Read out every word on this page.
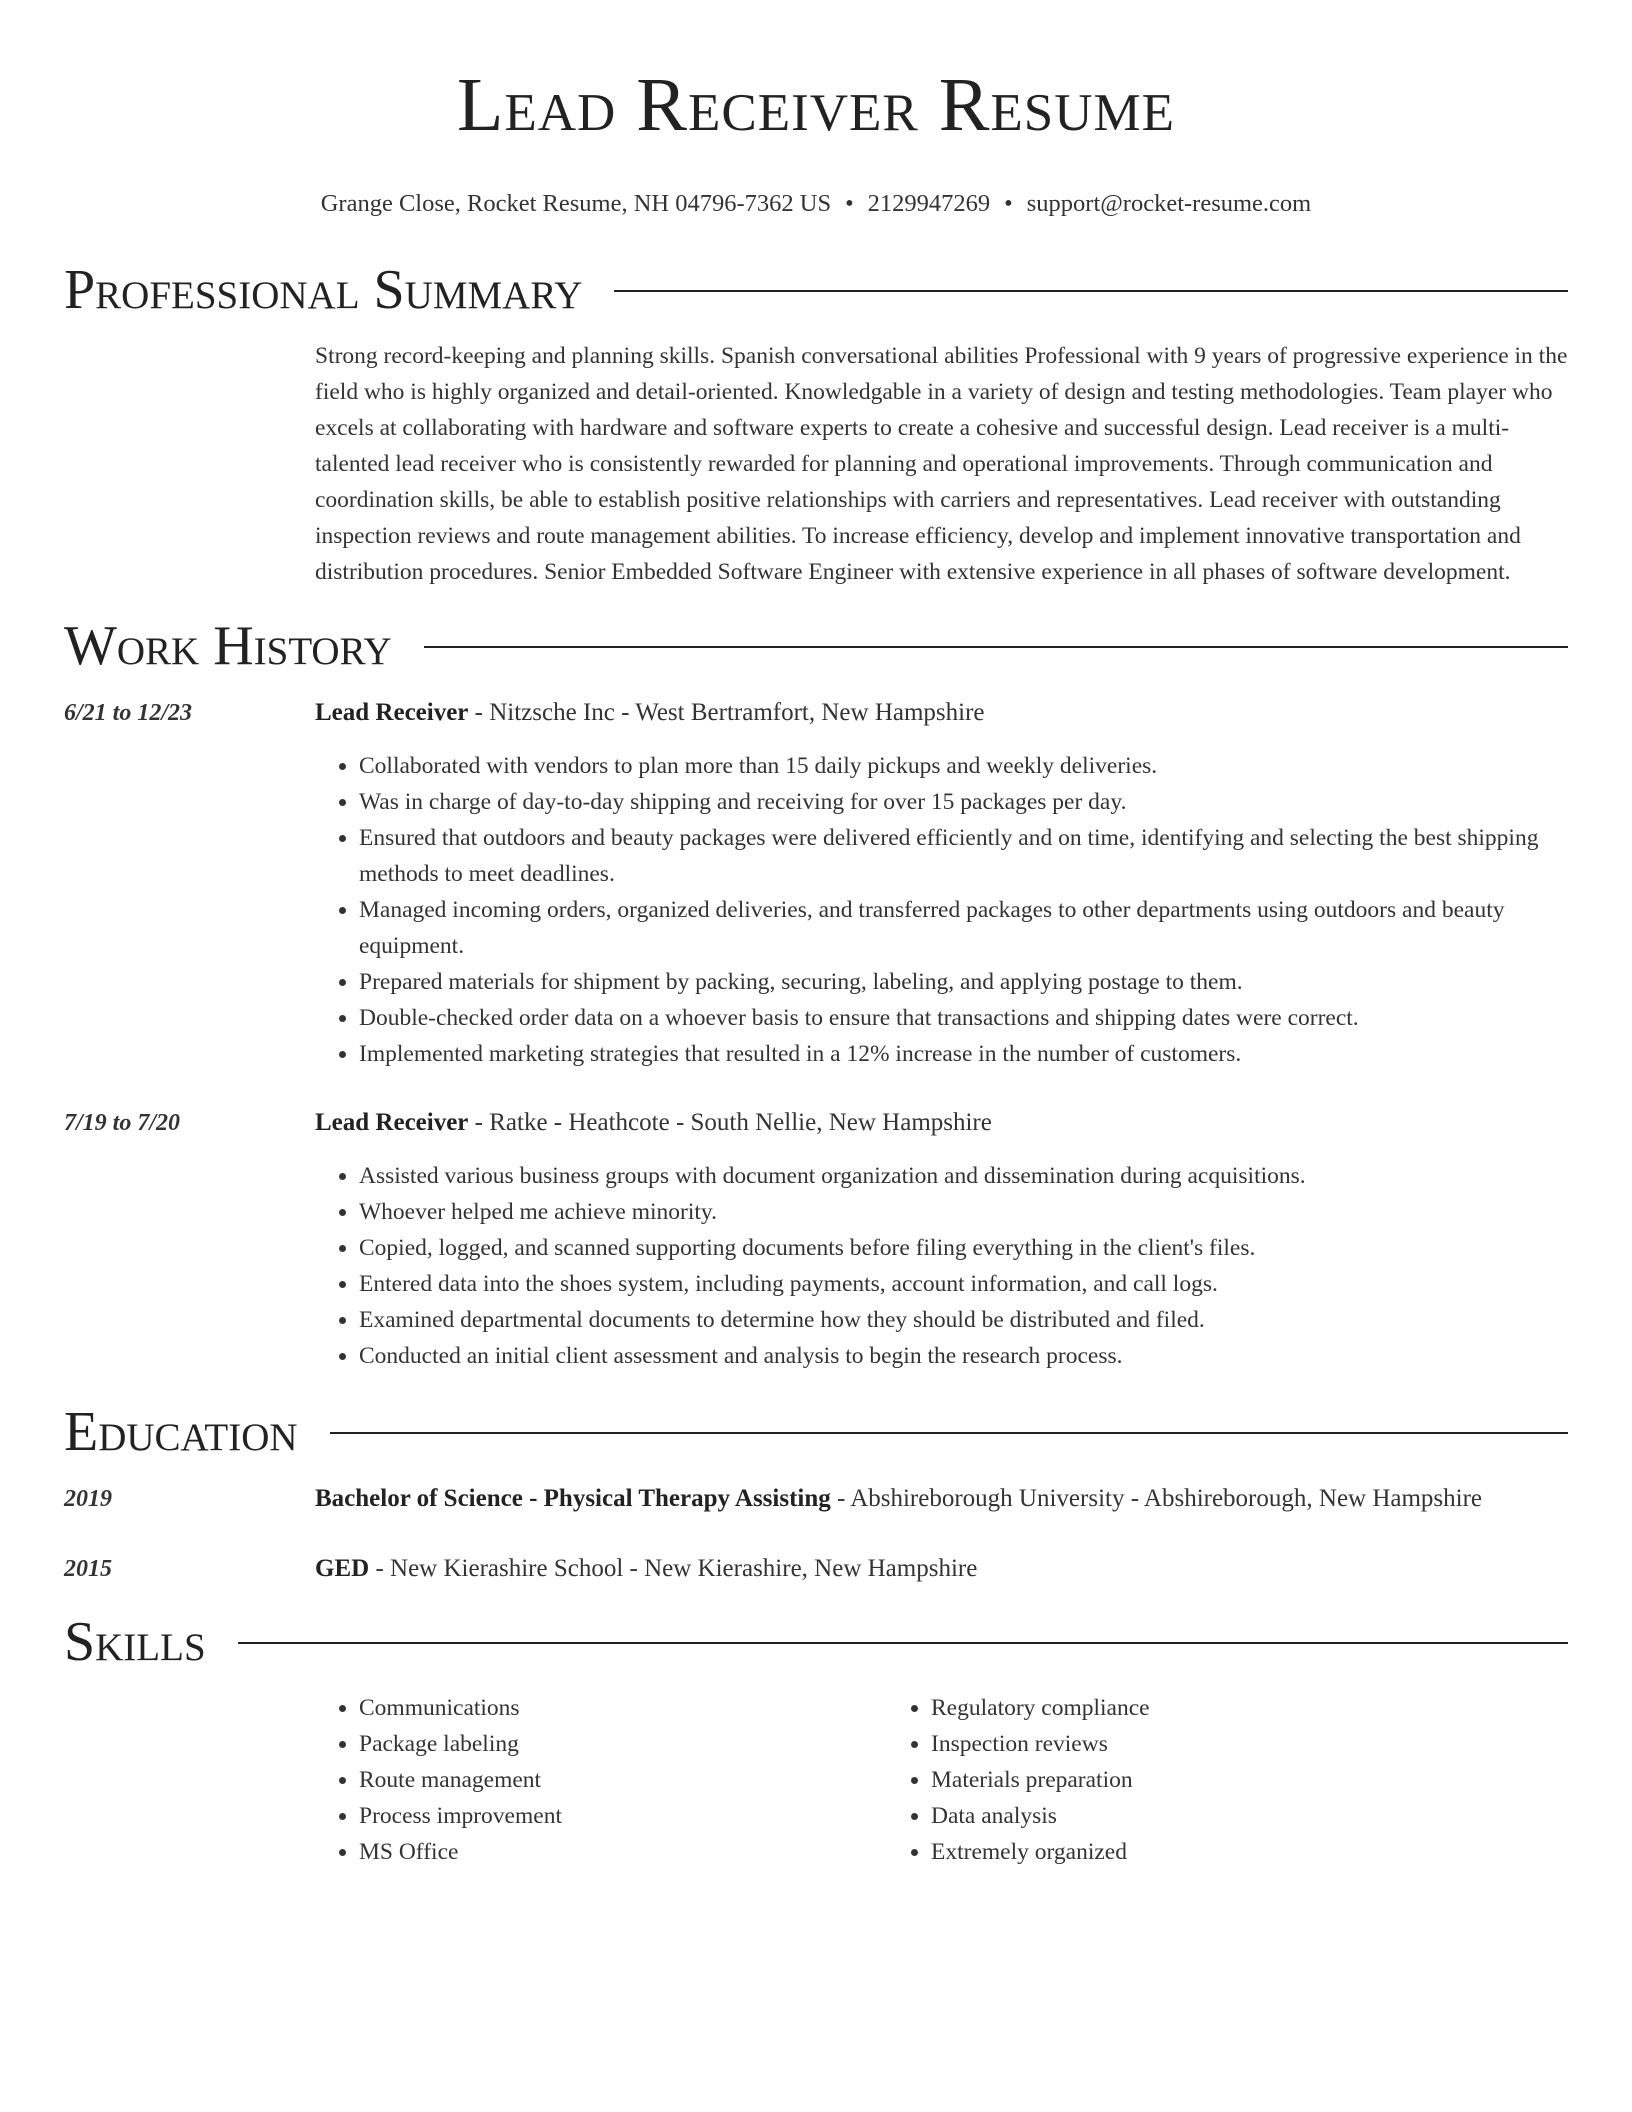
Lead Receiver Resume
Grange Close, Rocket Resume, NH 04796-7362 US • 2129947269 • support@rocket-resume.com
Professional Summary
Strong record-keeping and planning skills. Spanish conversational abilities Professional with 9 years of progressive experience in the field who is highly organized and detail-oriented. Knowledgable in a variety of design and testing methodologies. Team player who excels at collaborating with hardware and software experts to create a cohesive and successful design. Lead receiver is a multi-talented lead receiver who is consistently rewarded for planning and operational improvements. Through communication and coordination skills, be able to establish positive relationships with carriers and representatives. Lead receiver with outstanding inspection reviews and route management abilities. To increase efficiency, develop and implement innovative transportation and distribution procedures. Senior Embedded Software Engineer with extensive experience in all phases of software development.
Work History
6/21 to 12/23	Lead Receiver - Nitzsche Inc - West Bertramfort, New Hampshire
• Collaborated with vendors to plan more than 15 daily pickups and weekly deliveries.
• Was in charge of day-to-day shipping and receiving for over 15 packages per day.
• Ensured that outdoors and beauty packages were delivered efficiently and on time, identifying and selecting the best shipping methods to meet deadlines.
• Managed incoming orders, organized deliveries, and transferred packages to other departments using outdoors and beauty equipment.
• Prepared materials for shipment by packing, securing, labeling, and applying postage to them.
• Double-checked order data on a whoever basis to ensure that transactions and shipping dates were correct.
• Implemented marketing strategies that resulted in a 12% increase in the number of customers.
7/19 to 7/20	Lead Receiver - Ratke - Heathcote - South Nellie, New Hampshire
• Assisted various business groups with document organization and dissemination during acquisitions.
• Whoever helped me achieve minority.
• Copied, logged, and scanned supporting documents before filing everything in the client's files.
• Entered data into the shoes system, including payments, account information, and call logs.
• Examined departmental documents to determine how they should be distributed and filed.
• Conducted an initial client assessment and analysis to begin the research process.
Education
2019	Bachelor of Science - Physical Therapy Assisting - Abshireborough University - Abshireborough, New Hampshire
2015	GED - New Kierashire School - New Kierashire, New Hampshire
Skills
• Communications
• Package labeling
• Route management
• Process improvement
• MS Office
• Regulatory compliance
• Inspection reviews
• Materials preparation
• Data analysis
• Extremely organized
